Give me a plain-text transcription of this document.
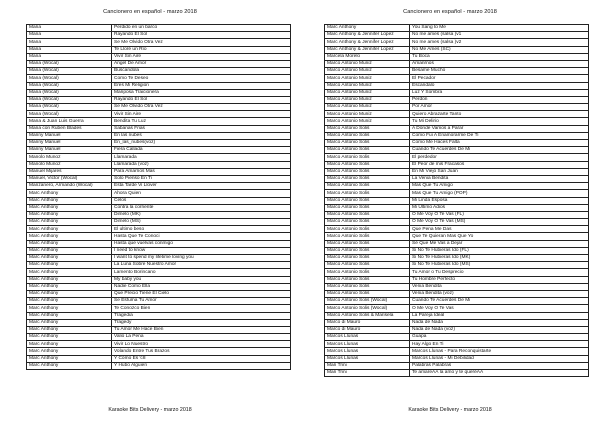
Cancionero en español - marzo 2018
Maria	Perdido en un barco
Mana	Rayando El Sol
Mana	Se Me Olvido Otra Vez
Mana	Te Lloré un Río
Mana	Vivir Sin Aire
Mana (Wocal)	Angel De Amor
Mana (Wocal)	Buscandola
Mana (Wocal)	Como Te Deseo
Mana (Wocal)	Eres Mi Religion
Mana (Wocal)	Mariposa Traicionera
Mana (Wocal)	Rayando El Sol
Mana (Wocal)	Se Me Olvido Otra Vez
Mana (Wocal)	Vivir Sin Aire
Mana & Juan Luis Guerra	Bendita Tu Luz
Mana con Ruben Blades	Sabanas Frias
Manny Manuel	En las nubes
Manny Manuel	En_las_nubes(voz)
Manny Manuel	Fiera Callada
Manolo Munoz	Llamarada
Manolo Munoz	Llamarada (voz)
Manuel Mijares	Para Amarnos Mas
Manuel, Victor (Wocal)	Solo Pienso En Ti
Manzanero, Armando (Wocal)	Esta Tarde Vi Llover
Marc Anthony	Ahora Quien
Marc Anthony	Celos
Marc Anthony	Contra la corriente
Marc Anthony	Dimelo (MK)
Marc Anthony	Dimelo (MS)
Marc Anthony	El ultimo beso
Marc Anthony	Hasta Que Te Conoci
Marc Anthony	Hasta que vuelvas conmigo
Marc Anthony	I need to know
Marc Anthony	I want to spend my lifetime loving you
Marc Anthony	La Luna Sobre Nuestro Amor
Marc Anthony	Lamento Borincano
Marc Anthony	My baby you
Marc Anthony	Nadie Como Ella
Marc Anthony	Que Precio Tiene El Cielo
Marc Anthony	Se Esfuma Tu Amor
Marc Anthony	Te Conozco Bien
Marc Anthony	Tragedia
Marc Anthony	Tragedy
Marc Anthony	Tu Amor Me Hace Bien
Marc Anthony	Valio La Pena
Marc Anthony	Vivir Lo Nuestro
Marc Anthony	Volando Entre Tus Brazos
Marc Anthony	Y Cómo Es 'c8
Marc Anthony	Y Hubo Alguien
Karaoke Bits Delivery - marzo 2018
Cancionero en español - marzo 2018
Karaoke Bits Delivery - marzo 2018
Marc Anthony	You Sang to Me
Marc Anthony & Jennifer Lopez	No me ames (salsa )v1
Marc Anthony & Jennifer Lopez	No me ames (salsa )v2
Marc Anthony & Jennifer Lopez	No Me Ames (SC)
Marcela Morelo	Tu Boca
Marco Antonio Muniz	Amanrnos
Marco Antonio Muniz	Besame Mucho
Marco Antonio Muniz	El Pecador
Marco Antonio Muniz	Escandalo
Marco Antonio Muniz	Luz Y Sombra
Marco Antonio Muniz	Perdon
Marco Antonio Muniz	Por Amor
Marco Antonio Muniz	Quiero Abrazarte Tanto
Marco Antonio Muniz	Tu Mi Delirio
Marco Antonio Solis	A Dónde Vamos a Parar
Marco Antonio Solis	Como Fui A Enamorarme De Ti
Marco Antonio Solis	Como Me Haces Falta
Marco Antonio Solis	Cuando Te Acuerdes De Mi
Marco Antonio Solis	El perdedor
Marco Antonio Solis	El Peor de mis Fracasos
Marco Antonio Solis	En Mi Viejo San Juan
Marco Antonio Solis	La Venia Bendita
Marco Antonio Solis	Mas Que Tu Amigo
Marco Antonio Solis	Mas Que Tu Amigo (POP)
Marco Antonio Solis	Mi Linda Esposa
Marco Antonio Solis	Mi Ultimo Adios
Marco Antonio Solis	O Me Voy O Te Vas (FL)
Marco Antonio Solis	O Me Voy O Te Vas (MS)
Marco Antonio Solis	Que Pena Me Das
Marco Antonio Solis	Que Te Quieran Mas Que Yo
Marco Antonio Solis	Sé Que Me Vas a Dejar
Marco Antonio Solis	Si No Te Hubieras Ido (FL)
Marco Antonio Solis	Si No Te Hubieras Ido (MK)
Marco Antonio Solis	Si No Te Hubieras Ido (MS)
Marco Antonio Solis	Tu Amor o Tu Desprecio
Marco Antonio Solis	Tu Hombre Perfecto
Marco Antonio Solis	Venia Bendita
Marco Antonio Solis	Venia Bendita (voz)
Marco Antonio Solis (Wocal)	Cuando Te Acuerdes De Mi
Marco Antonio Solis (Wocal)	O Me Voy O Te Vas
Marco Antonio Solis & Marisela	La Pareja Ideal
Marco di Mauro	Nada de Nada
Marco di Mauro	Nada de Nada (voz)
Marcos Llunas	Guapa
Marcos Llunas	Hay Algo En Ti
Marcos Llunas	Marcos Llunas - Para Reconquistarte
Marcos Llunas	Marcos Llunas - Mi Debilidad
Mari Trini	Palabras Palabras
Mari Trini	Te amareÃÂ la amo y te queréÃÂ
